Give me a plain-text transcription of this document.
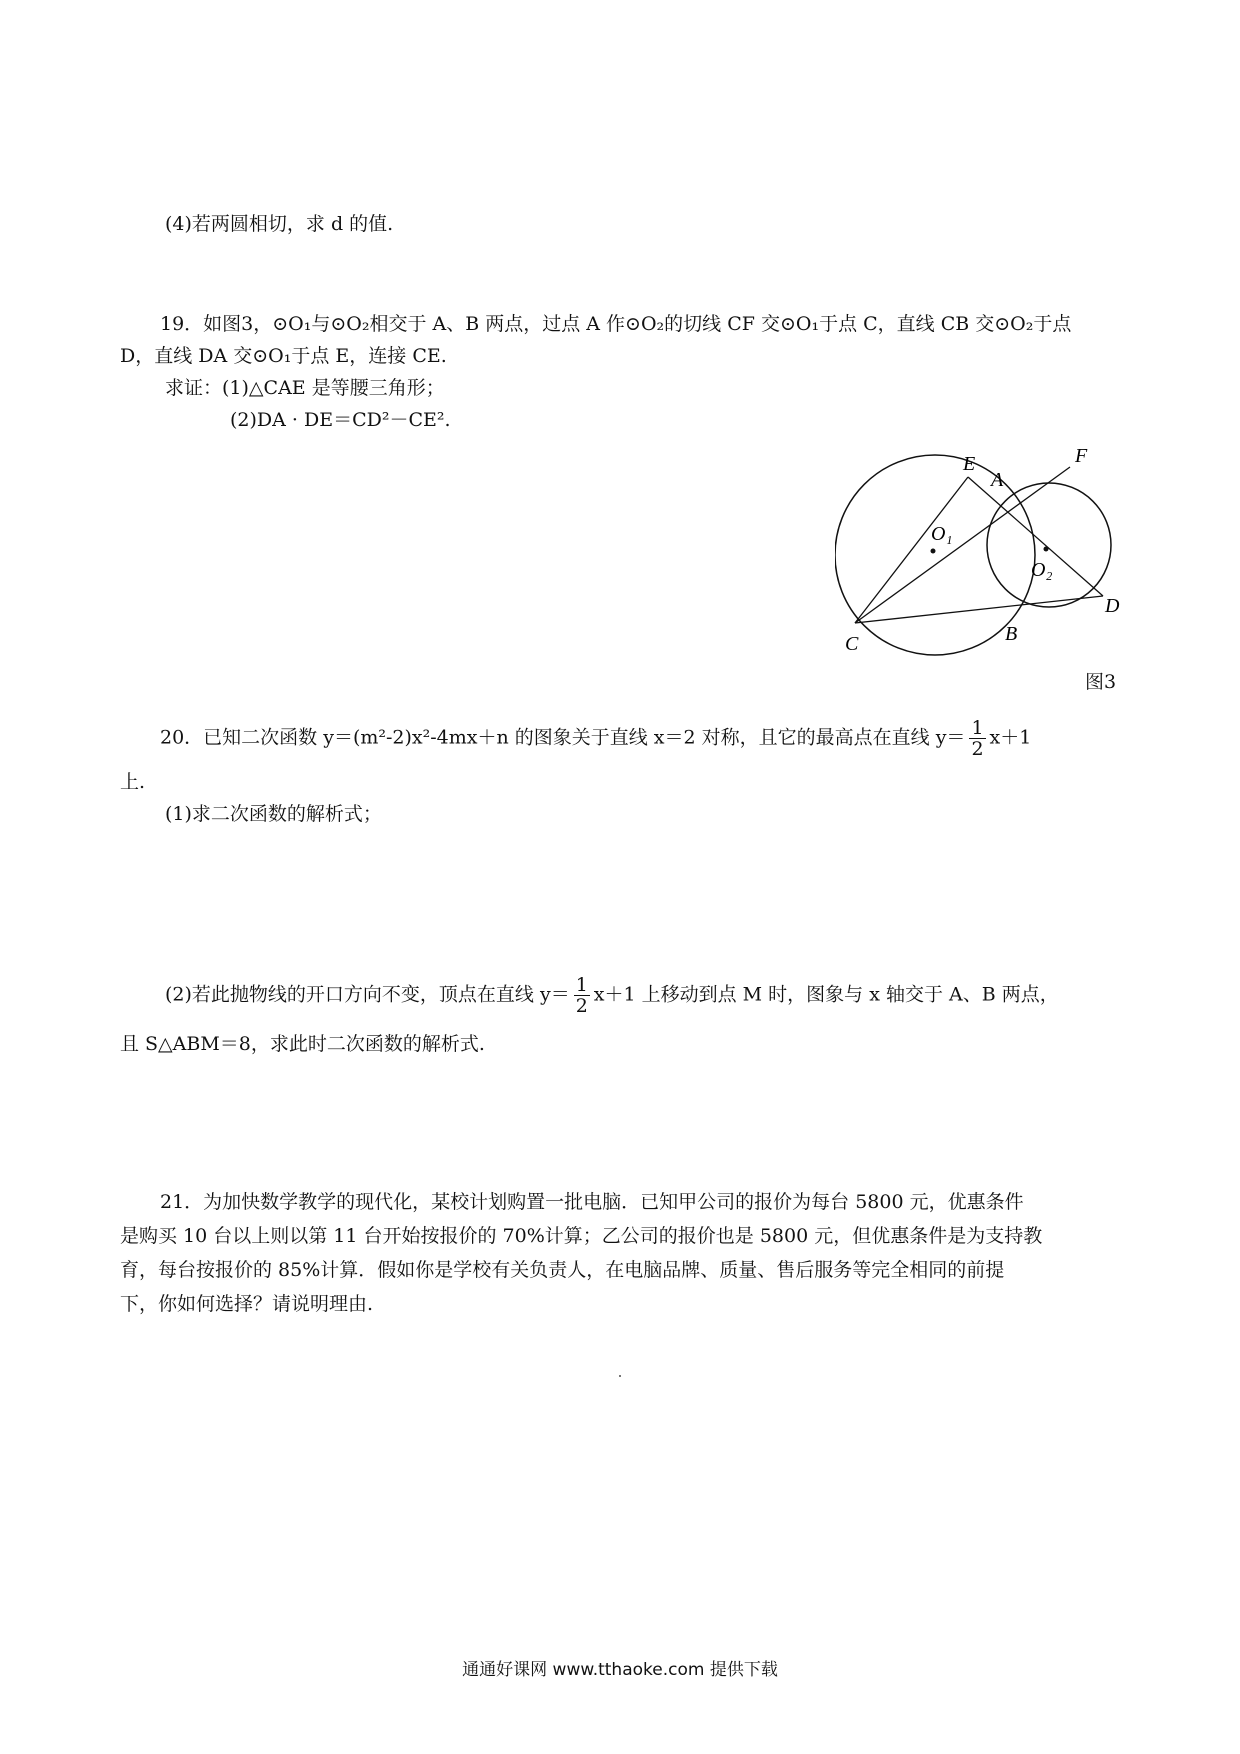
(4)若两圆相切，求 d 的值.
19．如图3，⊙O₁与⊙O₂相交于 A、B 两点，过点 A 作⊙O₂的切线 CF 交⊙O₁于点 C，直线 CB 交⊙O₂于点
D，直线 DA 交⊙O₁于点 E，连接 CE.
求证：(1)△CAE 是等腰三角形；
(2)DA · DE＝CD²－CE².
E
A
F
O₁
O₂
C	B
D
图3
20．已知二次函数 y＝(m²-2)x²-4mx＋n 的图象关于直线 x＝2 对称，且它的最高点在直线 $y= \frac{1}{2} x+1$
上.
(1)求二次函数的解析式；
(2)若此抛物线的开口方向不变，顶点在直线 $y= \frac{1}{2} x+1$ 上移动到点 M 时，图象与 x 轴交于 A、B 两点，
且 S△ABM＝8，求此时二次函数的解析式.
21．为加快数学教学的现代化，某校计划购置一批电脑．已知甲公司的报价为每台 5800 元，优惠条件
是购买 10 台以上则以第 11 台开始按报价的 70%计算；乙公司的报价也是 5800 元，但优惠条件是为支持教
育，每台按报价的 85%计算．假如你是学校有关负责人，在电脑品牌、质量、售后服务等完全相同的前提
下，你如何选择？请说明理由.
通通好课网 www.tthaoke.com 提供下载
